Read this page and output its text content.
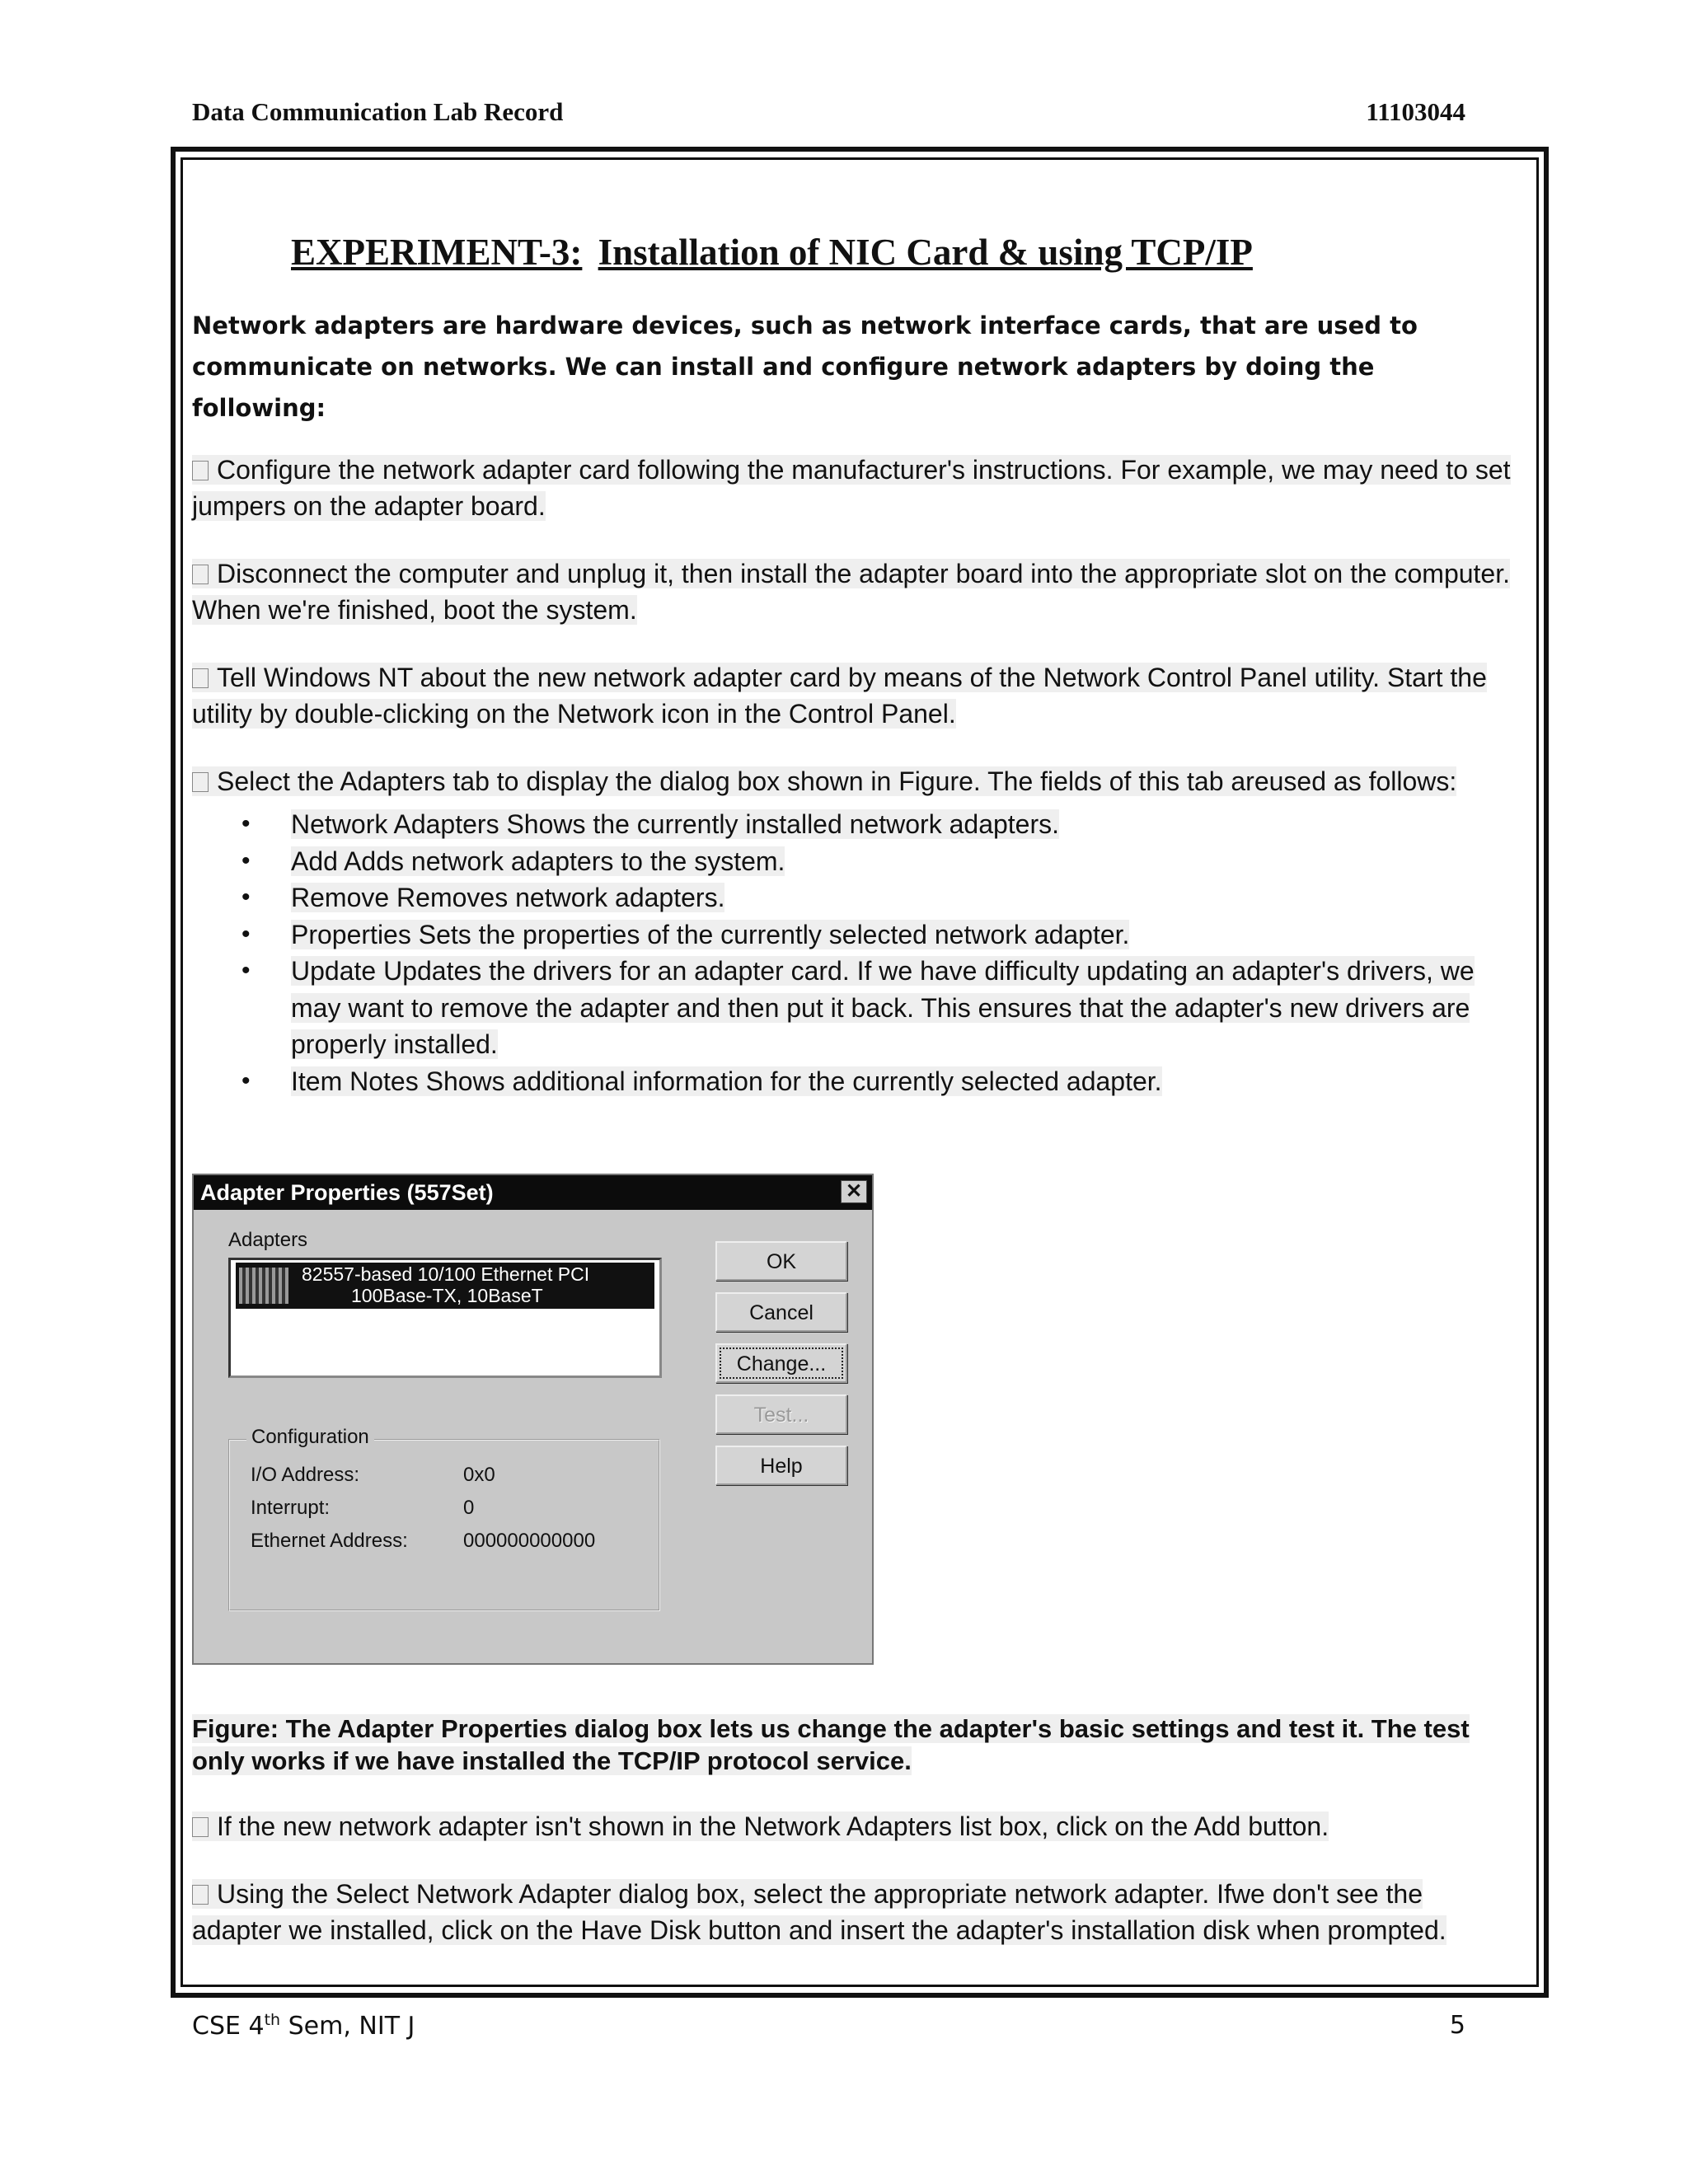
Data Communication Lab Record	11103044
EXPERIMENT-3: Installation of NIC Card & using TCP/IP

Network adapters are hardware devices, such as network interface cards, that are used to communicate on networks. We can install and configure network adapters by doing the following:

Configure the network adapter card following the manufacturer's instructions. For example, we may need to set jumpers on the adapter board.

Disconnect the computer and unplug it, then install the adapter board into the appropriate slot on the computer. When we're finished, boot the system.

Tell Windows NT about the new network adapter card by means of the Network Control Panel utility. Start the utility by double-clicking on the Network icon in the Control Panel.

Select the Adapters tab to display the dialog box shown in Figure. The fields of this tab areused as follows:

• Network Adapters Shows the currently installed network adapters.
• Add Adds network adapters to the system.
• Remove Removes network adapters.
• Properties Sets the properties of the currently selected network adapter.
• Update Updates the drivers for an adapter card. If we have difficulty updating an adapter's drivers, we may want to remove the adapter and then put it back. This ensures that the adapter's new drivers are properly installed.
• Item Notes Shows additional information for the currently selected adapter.
Adapter Properties (557Set)	✕
Adapters
82557-based 10/100 Ethernet PCI
100Base-TX, 10BaseT
Configuration
I/O Address:	0x0
Interrupt:	0
Ethernet Address:	000000000000
OK
Cancel
Change...
Test...
Help

Figure: The Adapter Properties dialog box lets us change the adapter's basic settings and test it. The test only works if we have installed the TCP/IP protocol service.

If the new network adapter isn't shown in the Network Adapters list box, click on the Add button.

Using the Select Network Adapter dialog box, select the appropriate network adapter. Ifwe don't see the adapter we installed, click on the Have Disk button and insert the adapter's installation disk when prompted.

CSE 4th Sem, NIT J	5
